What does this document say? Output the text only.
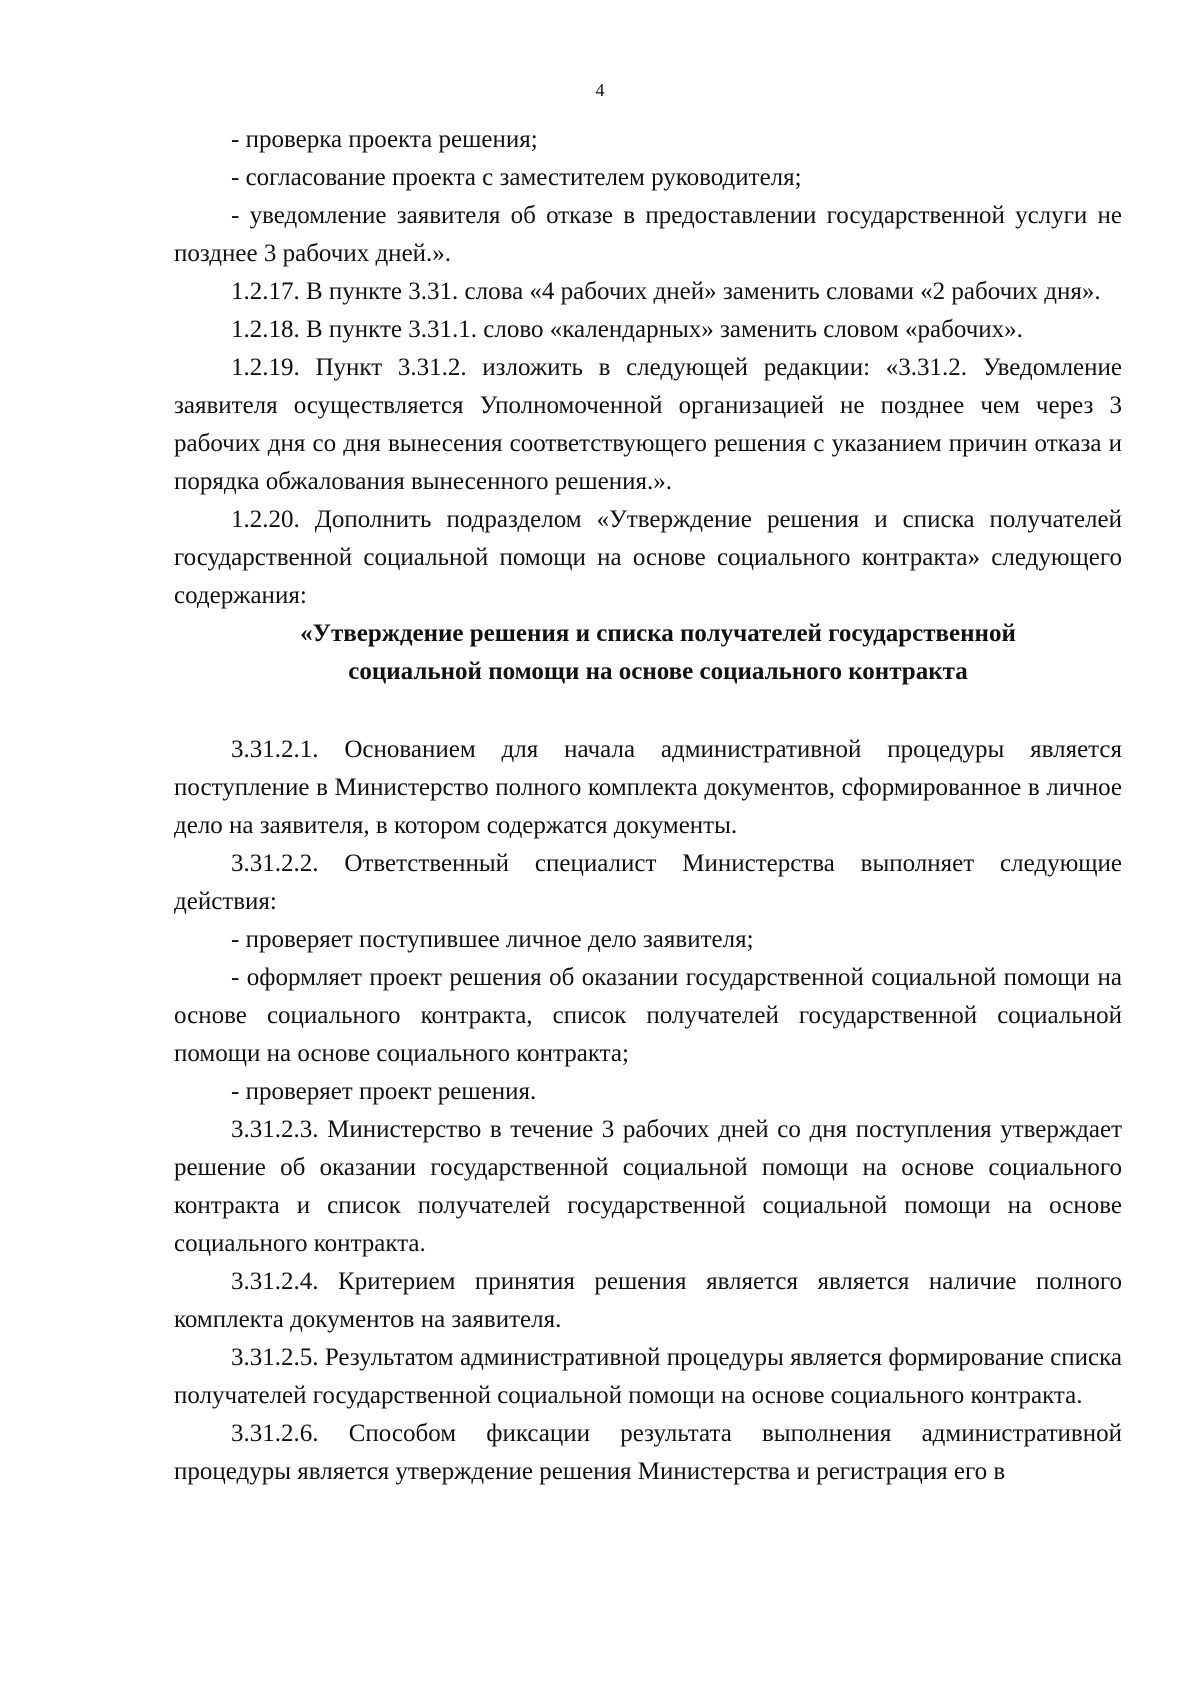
4

- проверка проекта решения;

- согласование проекта с заместителем руководителя;

- уведомление заявителя об отказе в предоставлении государственной услуги не позднее 3 рабочих дней.».

1.2.17. В пункте 3.31. слова «4 рабочих дней» заменить словами «2 рабочих дня».

1.2.18. В пункте 3.31.1. слово «календарных» заменить словом «рабочих».

1.2.19. Пункт 3.31.2. изложить в следующей редакции: «3.31.2. Уведомление заявителя осуществляется Уполномоченной организацией не позднее чем через 3 рабочих дня со дня вынесения соответствующего решения с указанием причин отказа и порядка обжалования вынесенного решения.».

1.2.20. Дополнить подразделом «Утверждение решения и списка получателей государственной социальной помощи на основе социального контракта» следующего содержания:

«Утверждение решения и списка получателей государственной
социальной помощи на основе социального контракта

3.31.2.1. Основанием для начала административной процедуры является поступление в Министерство полного комплекта документов, сформированное в личное дело на заявителя, в котором содержатся документы.

3.31.2.2. Ответственный специалист Министерства выполняет следующие действия:

- проверяет поступившее личное дело заявителя;

- оформляет проект решения об оказании государственной социальной помощи на основе социального контракта, список получателей государственной социальной помощи на основе социального контракта;

- проверяет проект решения.

3.31.2.3. Министерство в течение 3 рабочих дней со дня поступления утверждает решение об оказании государственной социальной помощи на основе социального контракта и список получателей государственной социальной помощи на основе социального контракта.

3.31.2.4. Критерием принятия решения является является наличие полного комплекта документов на заявителя.

3.31.2.5. Результатом административной процедуры является формирование списка получателей государственной социальной помощи на основе социального контракта.

3.31.2.6. Способом фиксации результата выполнения административной процедуры является утверждение решения Министерства и регистрация его в
